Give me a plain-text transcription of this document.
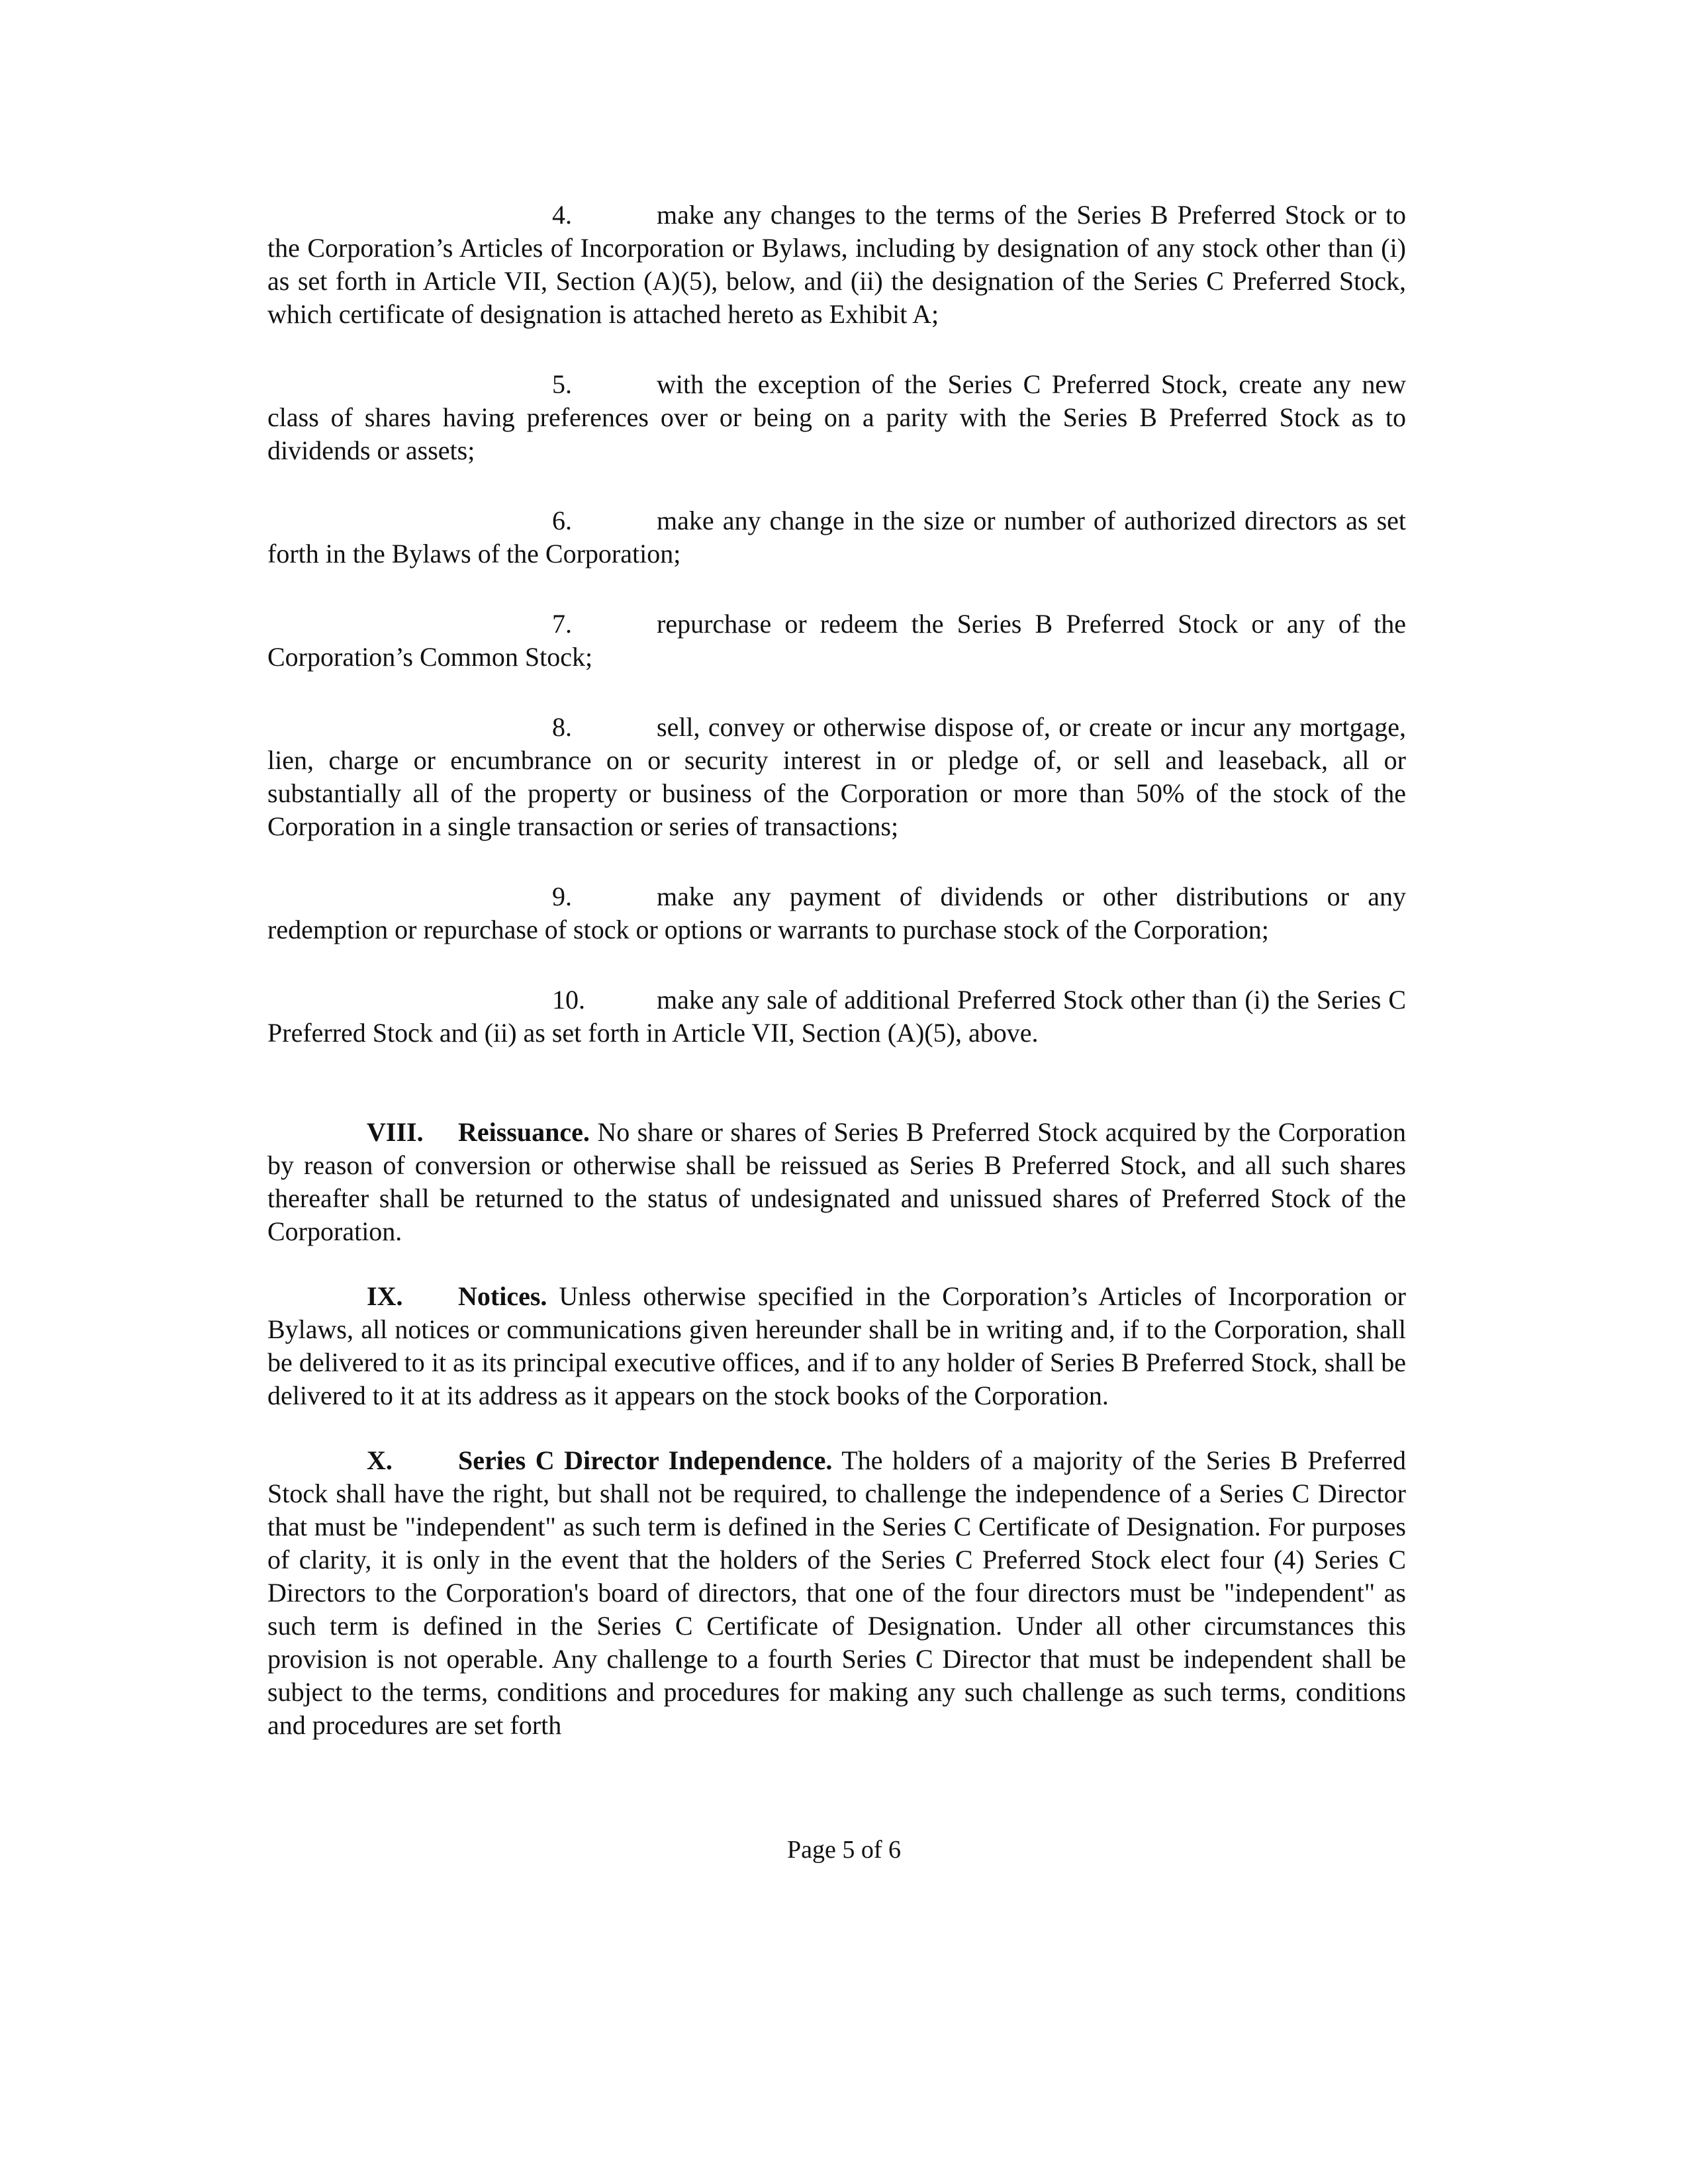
4.	make any changes to the terms of the Series B Preferred Stock or to the Corporation’s Articles of Incorporation or Bylaws, including by designation of any stock other than (i) as set forth in Article VII, Section (A)(5), below, and (ii) the designation of the Series C Preferred Stock, which certificate of designation is attached hereto as Exhibit A;

5.	with the exception of the Series C Preferred Stock, create any new class of shares having preferences over or being on a parity with the Series B Preferred Stock as to dividends or assets;

6.	make any change in the size or number of authorized directors as set forth in the Bylaws of the Corporation;

7.	repurchase or redeem the Series B Preferred Stock or any of the Corporation’s Common Stock;

8.	sell, convey or otherwise dispose of, or create or incur any mortgage, lien, charge or encumbrance on or security interest in or pledge of, or sell and leaseback, all or substantially all of the property or business of the Corporation or more than 50% of the stock of the Corporation in a single transaction or series of transactions;

9.	make any payment of dividends or other distributions or any redemption or repurchase of stock or options or warrants to purchase stock of the Corporation;

10.	make any sale of additional Preferred Stock other than (i) the Series C Preferred Stock and (ii) as set forth in Article VII, Section (A)(5), above.

VIII. Reissuance. No share or shares of Series B Preferred Stock acquired by the Corporation by reason of conversion or otherwise shall be reissued as Series B Preferred Stock, and all such shares thereafter shall be returned to the status of undesignated and unissued shares of Preferred Stock of the Corporation.

IX. Notices. Unless otherwise specified in the Corporation’s Articles of Incorporation or Bylaws, all notices or communications given hereunder shall be in writing and, if to the Corporation, shall be delivered to it as its principal executive offices, and if to any holder of Series B Preferred Stock, shall be delivered to it at its address as it appears on the stock books of the Corporation.

X. Series C Director Independence. The holders of a majority of the Series B Preferred Stock shall have the right, but shall not be required, to challenge the independence of a Series C Director that must be "independent" as such term is defined in the Series C Certificate of Designation. For purposes of clarity, it is only in the event that the holders of the Series C Preferred Stock elect four (4) Series C Directors to the Corporation's board of directors, that one of the four directors must be "independent" as such term is defined in the Series C Certificate of Designation. Under all other circumstances this provision is not operable. Any challenge to a fourth Series C Director that must be independent shall be subject to the terms, conditions and procedures for making any such challenge as such terms, conditions and procedures are set forth

Page 5 of 6
